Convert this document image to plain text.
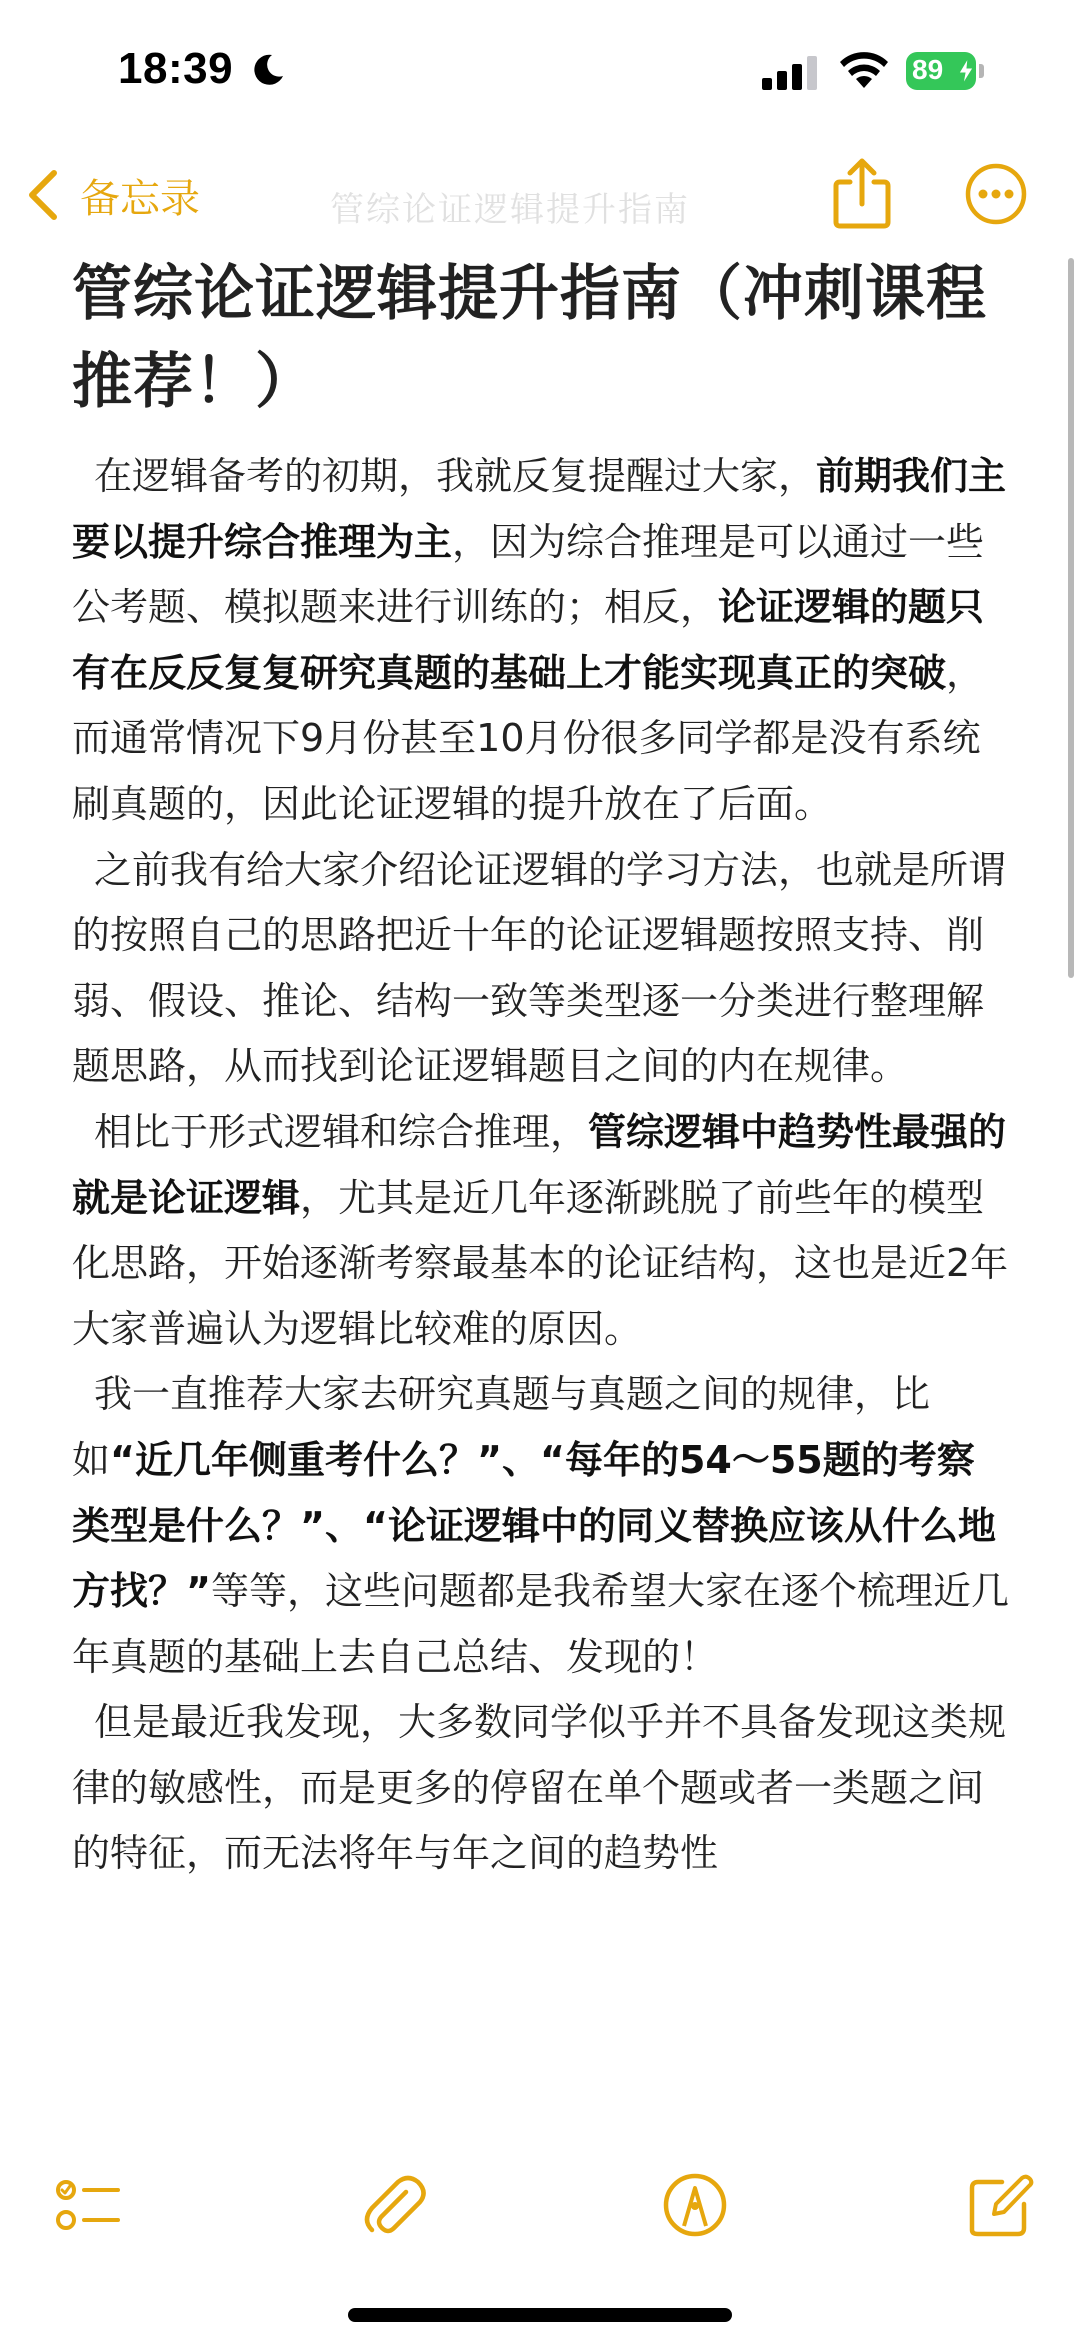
18:39	89
备忘录	管综论证逻辑提升指南
管综论证逻辑提升指南（冲刺课程推荐！）

在逻辑备考的初期，我就反复提醒过大家，前期我们主要以提升综合推理为主，因为综合推理是可以通过一些公考题、模拟题来进行训练的；相反，论证逻辑的题只有在反反复复研究真题的基础上才能实现真正的突破，而通常情况下9月份甚至10月份很多同学都是没有系统刷真题的，因此论证逻辑的提升放在了后面。

之前我有给大家介绍论证逻辑的学习方法，也就是所谓的按照自己的思路把近十年的论证逻辑题按照支持、削弱、假设、推论、结构一致等类型逐一分类进行整理解题思路，从而找到论证逻辑题目之间的内在规律。

相比于形式逻辑和综合推理，管综逻辑中趋势性最强的就是论证逻辑，尤其是近几年逐渐跳脱了前些年的模型化思路，开始逐渐考察最基本的论证结构，这也是近2年大家普遍认为逻辑比较难的原因。

我一直推荐大家去研究真题与真题之间的规律，比如“近几年侧重考什么？”、“每年的54～55题的考察类型是什么？”、“论证逻辑中的同义替换应该从什么地方找？”等等，这些问题都是我希望大家在逐个梳理近几年真题的基础上去自己总结、发现的！

但是最近我发现，大多数同学似乎并不具备发现这类规律的敏感性，而是更多的停留在单个题或者一类题之间的特征，而无法将年与年之间的趋势性
